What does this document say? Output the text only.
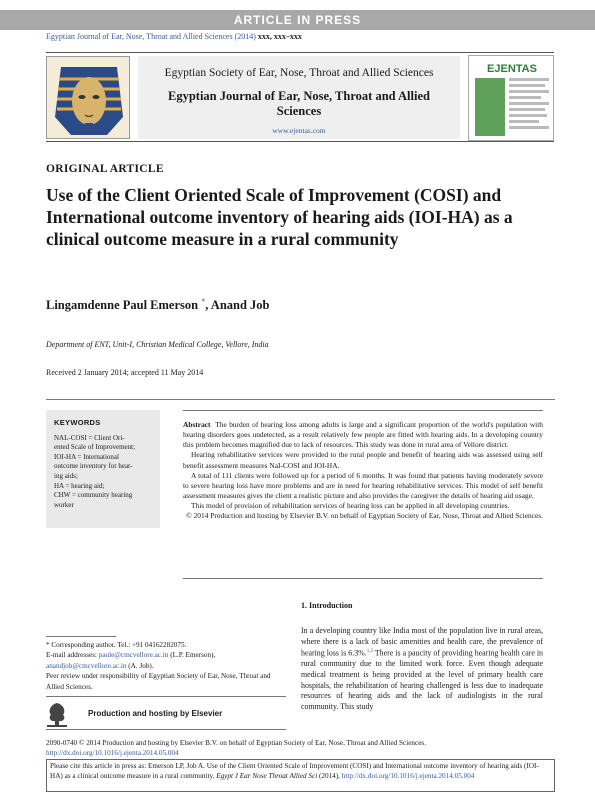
ARTICLE IN PRESS
Egyptian Journal of Ear, Nose, Throat and Allied Sciences (2014) xxx, xxx–xxx
Egyptian Society of Ear, Nose, Throat and Allied Sciences
Egyptian Journal of Ear, Nose, Throat and Allied Sciences
www.ejentas.com
EJENTAS
ORIGINAL ARTICLE
Use of the Client Oriented Scale of Improvement (COSI) and International outcome inventory of hearing aids (IOI-HA) as a clinical outcome measure in a rural community
Lingamdenne Paul Emerson *, Anand Job
Department of ENT, Unit-I, Christian Medical College, Vellore, India
Received 2 January 2014; accepted 11 May 2014
KEYWORDS
NAL-COSI = Client Ori-
ented Scale of Improvement;
IOI-HA = International
outcome inventory for hear-
ing aids;
HA = hearing aid;
CHW = community hearing
worker

Abstract The burden of hearing loss among adults is large and a significant proportion of the world's population with hearing disorders goes undetected, as a result relatively few people are fitted with hearing aids. In a developing country this problem becomes magnified due to lack of resources. This study was done in rural area of Vellore district.

Hearing rehabilitative services were provided to the rural people and benefit of hearing aids was assessed using self benefit assessment measures NaI-COSI and IOI-HA.

A total of 111 clients were followed up for a period of 6 months. It was found that patients having moderately severe to severe hearing loss have more problems and are in need for hearing rehabilitative services. This model of self benefit assessment measures gives the client a realistic picture and also provides the caregiver the details of hearing aid usage.

This model of provision of rehabilitation services of hearing loss can be applied in all developing countries.

© 2014 Production and hosting by Elsevier B.V. on behalf of Egyptian Society of Ear, Nose, Throat and Allied Sciences.

1. Introduction
In a developing country like India most of the population live in rural areas, where there is a lack of basic amenities and health care, the prevalence of hearing loss is 6.3%.$^{1,2}$ There is a paucity of providing hearing health care in rural community due to the limited work force. Even though adequate medical treatment is being provided at the level of primary health care hospitals, the rehabilitation of hearing challenged is less due to inadequate resources of hearing aids and the lack of audiologists in the rural community. This study
* Corresponding author. Tel.: +91 04162282075.
E-mail addresses: paule@cmcvellore.ac.in (L.P. Emerson),
anandjob@cmcvellore.ac.in (A. Job).
Peer review under responsibility of Egyptian Society of Ear, Nose, Throat and Allied Sciences.
Production and hosting by Elsevier
2090-0740 © 2014 Production and hosting by Elsevier B.V. on behalf of Egyptian Society of Ear, Nose, Throat and Allied Sciences.
http://dx.doi.org/10.1016/j.ejenta.2014.05.004
Please cite this article in press as: Emerson LP, Job A. Use of the Client Oriented Scale of Improvement (COSI) and International outcome inventory of hearing aids (IOI-HA) as a clinical outcome measure in a rural community. Egypt J Ear Nose Throat Allied Sci (2014), http://dx.doi.org/10.1016/j.ejenta.2014.05.004
